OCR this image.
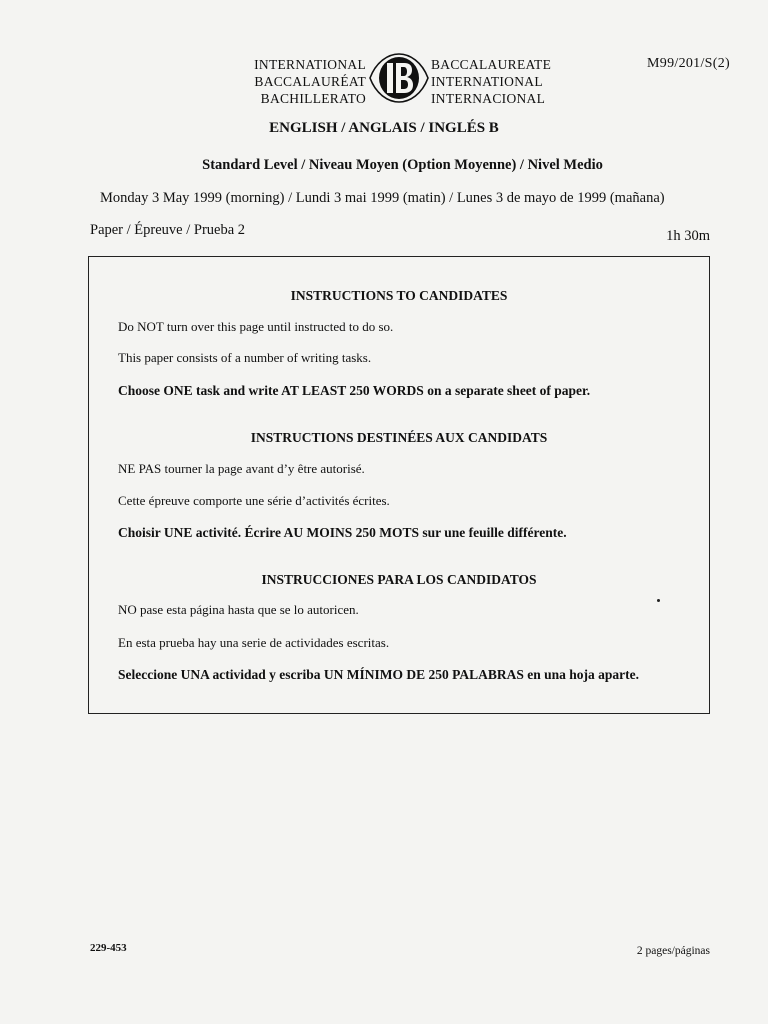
INTERNATIONAL
BACCALAURÉAT
BACHILLERATO
BACCALAUREATE
INTERNATIONAL
INTERNACIONAL
M99/201/S(2)
ENGLISH / ANGLAIS / INGLÉS B
Standard Level / Niveau Moyen (Option Moyenne) / Nivel Medio
Monday 3 May 1999 (morning) / Lundi 3 mai 1999 (matin) / Lunes 3 de mayo de 1999 (mañana)
Paper / Épreuve / Prueba 2	1h 30m
INSTRUCTIONS TO CANDIDATES
Do NOT turn over this page until instructed to do so.
This paper consists of a number of writing tasks.
Choose ONE task and write AT LEAST 250 WORDS on a separate sheet of paper.
INSTRUCTIONS DESTINÉES AUX CANDIDATS
NE PAS tourner la page avant d’y être autorisé.
Cette épreuve comporte une série d’activités écrites.
Choisir UNE activité. Écrire AU MOINS 250 MOTS sur une feuille différente.
INSTRUCCIONES PARA LOS CANDIDATOS
NO pase esta página hasta que se lo autoricen.
En esta prueba hay una serie de actividades escritas.
Seleccione UNA actividad y escriba UN MÍNIMO DE 250 PALABRAS en una hoja aparte.
229-453	2 pages/páginas
